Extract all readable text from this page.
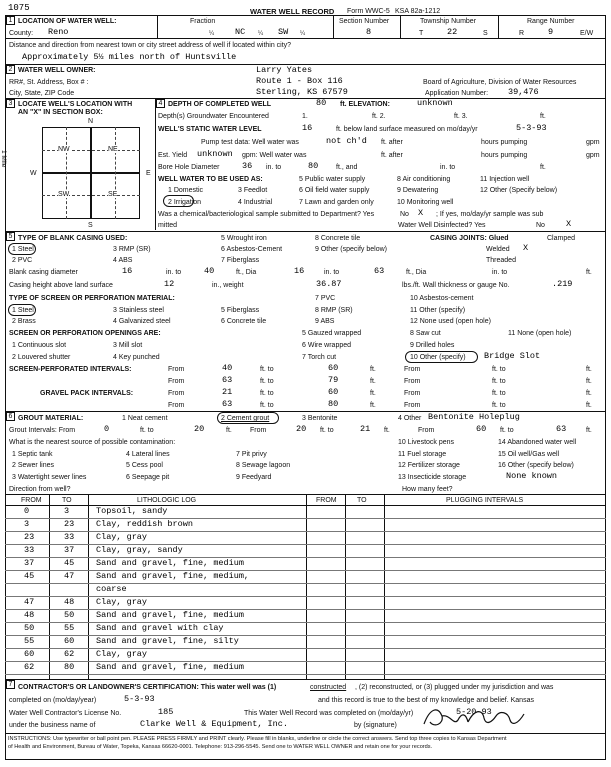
1075	WATER WELL RECORD Form WWC-5 KSA 82a-1212
1 LOCATION OF WATER WELL:
County: Reno
Fraction
¼ NC ¼ SW ¼
Section Number
8
Township Number
T	22	S
Range Number
R	9	E/W
Distance and direction from nearest town or city street address of well if located within city?
Approximately 5½ miles north of Huntsville
2 WATER WELL OWNER:	Larry Yates
RR#, St. Address, Box # :	Route 1 - Box 116	Board of Agriculture, Division of Water Resources
City, State, ZIP Code	Sterling, KS 67579	Application Number: 39,476
3 LOCATE WELL'S LOCATION WITH
AN "X" IN SECTION BOX:
N
S
W	E
1 Mile
NW	NE
SW	SE
4 DEPTH OF COMPLETED WELL	80 ft. ELEVATION:	unknown
Depth(s) Groundwater Encountered	1.	ft. 2.	ft. 3.	ft.
WELL'S STATIC WATER LEVEL	16	ft. below land surface measured on mo/day/yr	5-3-93
Pump test data: Well water was	not ch'd ft. after	hours pumping	gpm
Est. Yield unknown gpm: Well water was	ft. after	hours pumping	gpm
Bore Hole Diameter	36 in. to	80	ft., and	in. to	ft.
WELL WATER TO BE USED AS:
1 Domestic
2 Irrigation
3 Feedlot
4 Industrial
5 Public water supply
6 Oil field water supply
7 Lawn and garden only
8 Air conditioning
9 Dewatering
10 Monitoring well
11 Injection well
12 Other (Specify below)
Was a chemical/bacteriological sample submitted to Department? Yes	X
No	; If yes, mo/day/yr sample was sub
mitted	Water Well Disinfected? Yes	No X
5 TYPE OF BLANK CASING USED:
1 Steel
2 PVC
3 RMP (SR)
4 ABS
5 Wrought iron
6 Asbestos-Cement
7 Fiberglass
8 Concrete tile
9 Other (specify below)
CASING JOINTS: Glued	Clamped
Welded X
Threaded
Blank casing diameter	16	in. to	40	ft., Dia	16	in. to	63	ft., Dia	in. to	ft.
Casing height above land surface	12	in., weight	36.87	lbs./ft. Wall thickness or gauge No.	.219
TYPE OF SCREEN OR PERFORATION MATERIAL:
1 Steel
2 Brass
3 Stainless steel
4 Galvanized steel
5 Fiberglass
6 Concrete tile
7 PVC
8 RMP (SR)
9 ABS
10 Asbestos-cement
11 Other (specify)
12 None used (open hole)
SCREEN OR PERFORATION OPENINGS ARE:
1 Continuous slot
2 Louvered shutter
3 Mill slot
4 Key punched
5 Gauzed wrapped
6 Wire wrapped
7 Torch cut
8 Saw cut
9 Drilled holes
10 Other (specify)
11 None (open hole)
Bridge Slot
SCREEN-PERFORATED INTERVALS:	From	40	ft. to	60	ft.	From	ft. to	ft.
From	63	ft. to	79	ft.	From	ft. to	ft.
GRAVEL PACK INTERVALS:	From	21	ft. to	60	ft.	From	ft. to	ft.
From	63	ft. to	80	ft.	From	ft. to	ft.
6 GROUT MATERIAL:	1 Neat cement	2 Cement grout	3 Bentonite	4 Other Bentonite Holeplug
Grout Intervals: From	0	ft. to	20	ft.	From	20 ft. to	21 ft.	From	60 ft. to	63	ft.
What is the nearest source of possible contamination:	10 Livestock pens	14 Abandoned water well
1 Septic tank
2 Sewer lines
3 Watertight sewer lines
4 Lateral lines
5 Cess pool
6 Seepage pit
7 Pit privy
8 Sewage lagoon
9 Feedyard
11 Fuel storage
12 Fertilizer storage
13 Insecticide storage
15 Oil well/Gas well
16 Other (specify below)
None known
Direction from well?	How many feet?
FROM	TO	LITHOLOGIC LOG	FROM	TO	PLUGGING INTERVALS
0	3	Topsoil, sandy
3	23	Clay, reddish brown
23	33	Clay, gray
33	37	Clay, gray, sandy
37	45	Sand and gravel, fine, medium
45	47	Sand and gravel, fine, medium,
coarse
47	48	Clay, gray
48	50	Sand and gravel, fine, medium
50	55	Sand and gravel with clay
55	60	Sand and gravel, fine, silty
60	62	Clay, gray
62	80	Sand and gravel, fine, medium
7 CONTRACTOR'S OR LANDOWNER'S CERTIFICATION: This water well was (1)	constructed , (2) reconstructed, or (3) plugged under my jurisdiction and was
completed on (mo/day/year)	5-3-93	and this record is true to the best of my knowledge and belief. Kansas
Water Well Contractor's License No.	185	This Water Well Record was completed on (mo/day/yr)	5-20-93
under the business name of	Clarke Well & Equipment, Inc.	by (signature)
INSTRUCTIONS: Use typewriter or ball point pen. PLEASE PRESS FIRMLY and PRINT clearly. Please fill in blanks, underline or circle the correct answers. Send top three copies to Kansas Department
of Health and Environment, Bureau of Water, Topeka, Kansas 66620-0001. Telephone: 913-296-5545. Send one to WATER WELL OWNER and retain one for your records.
